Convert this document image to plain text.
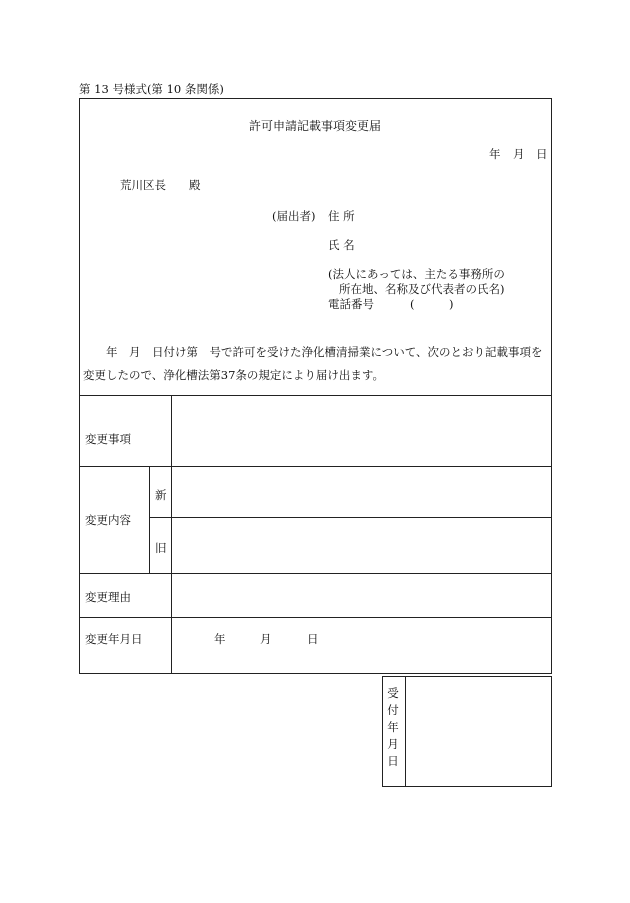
第 13 号様式(第 10 条関係)
許可申請記載事項変更届
年 月 日
荒川区長　　殿
(届出者) 住 所
氏 名
(法人にあっては、主たる事務所の
所在地、名称及び代表者の氏名)
電話番号	(　　　)
年　月　日付け第　号で許可を受けた浄化槽清掃業について、次のとおり記載事項を
変更したので、浄化槽法第37条の規定により届け出ます。
変更事項
変更内容
新
旧
変更理由
変更年月日	年	月	日
受
付
年
月
日
